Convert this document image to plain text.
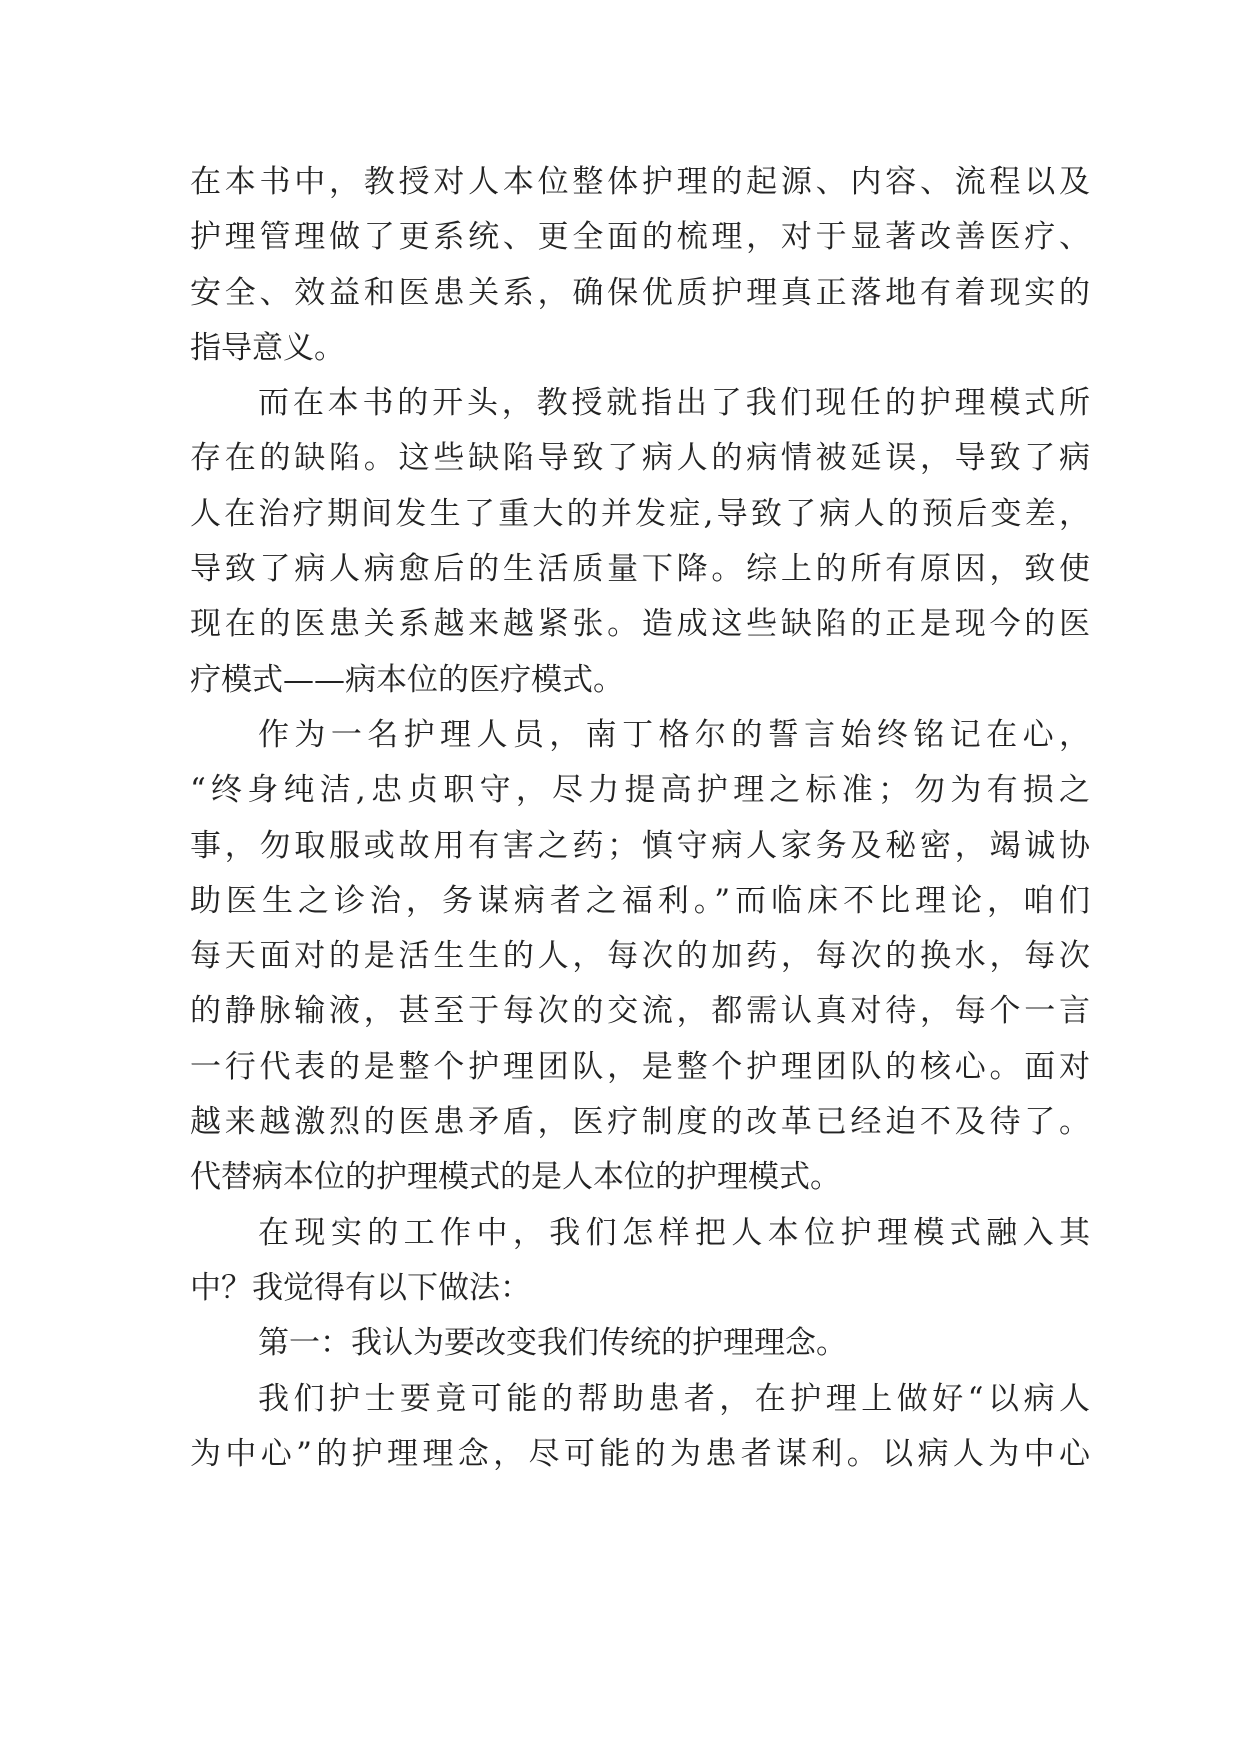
在本书中，教授对人本位整体护理的起源、内容、流程以及
护理管理做了更系统、更全面的梳理，对于显著改善医疗、
安全、效益和医患关系，确保优质护理真正落地有着现实的
指导意义。
而在本书的开头，教授就指出了我们现任的护理模式所
存在的缺陷。这些缺陷导致了病人的病情被延误，导致了病
人在治疗期间发生了重大的并发症,导致了病人的预后变差，
导致了病人病愈后的生活质量下降。综上的所有原因，致使
现在的医患关系越来越紧张。造成这些缺陷的正是现今的医
疗模式——病本位的医疗模式。
作为一名护理人员，南丁格尔的誓言始终铭记在心，
“终身纯洁,忠贞职守，尽力提高护理之标准；勿为有损之
事，勿取服或故用有害之药；慎守病人家务及秘密，竭诚协
助医生之诊治，务谋病者之福利。”而临床不比理论，咱们
每天面对的是活生生的人，每次的加药，每次的换水，每次
的静脉输液，甚至于每次的交流，都需认真对待，每个一言
一行代表的是整个护理团队，是整个护理团队的核心。面对
越来越激烈的医患矛盾，医疗制度的改革已经迫不及待了。
代替病本位的护理模式的是人本位的护理模式。
在现实的工作中，我们怎样把人本位护理模式融入其
中？我觉得有以下做法：
第一：我认为要改变我们传统的护理理念。
我们护士要竟可能的帮助患者，在护理上做好“以病人
为中心”的护理理念，尽可能的为患者谋利。以病人为中心
